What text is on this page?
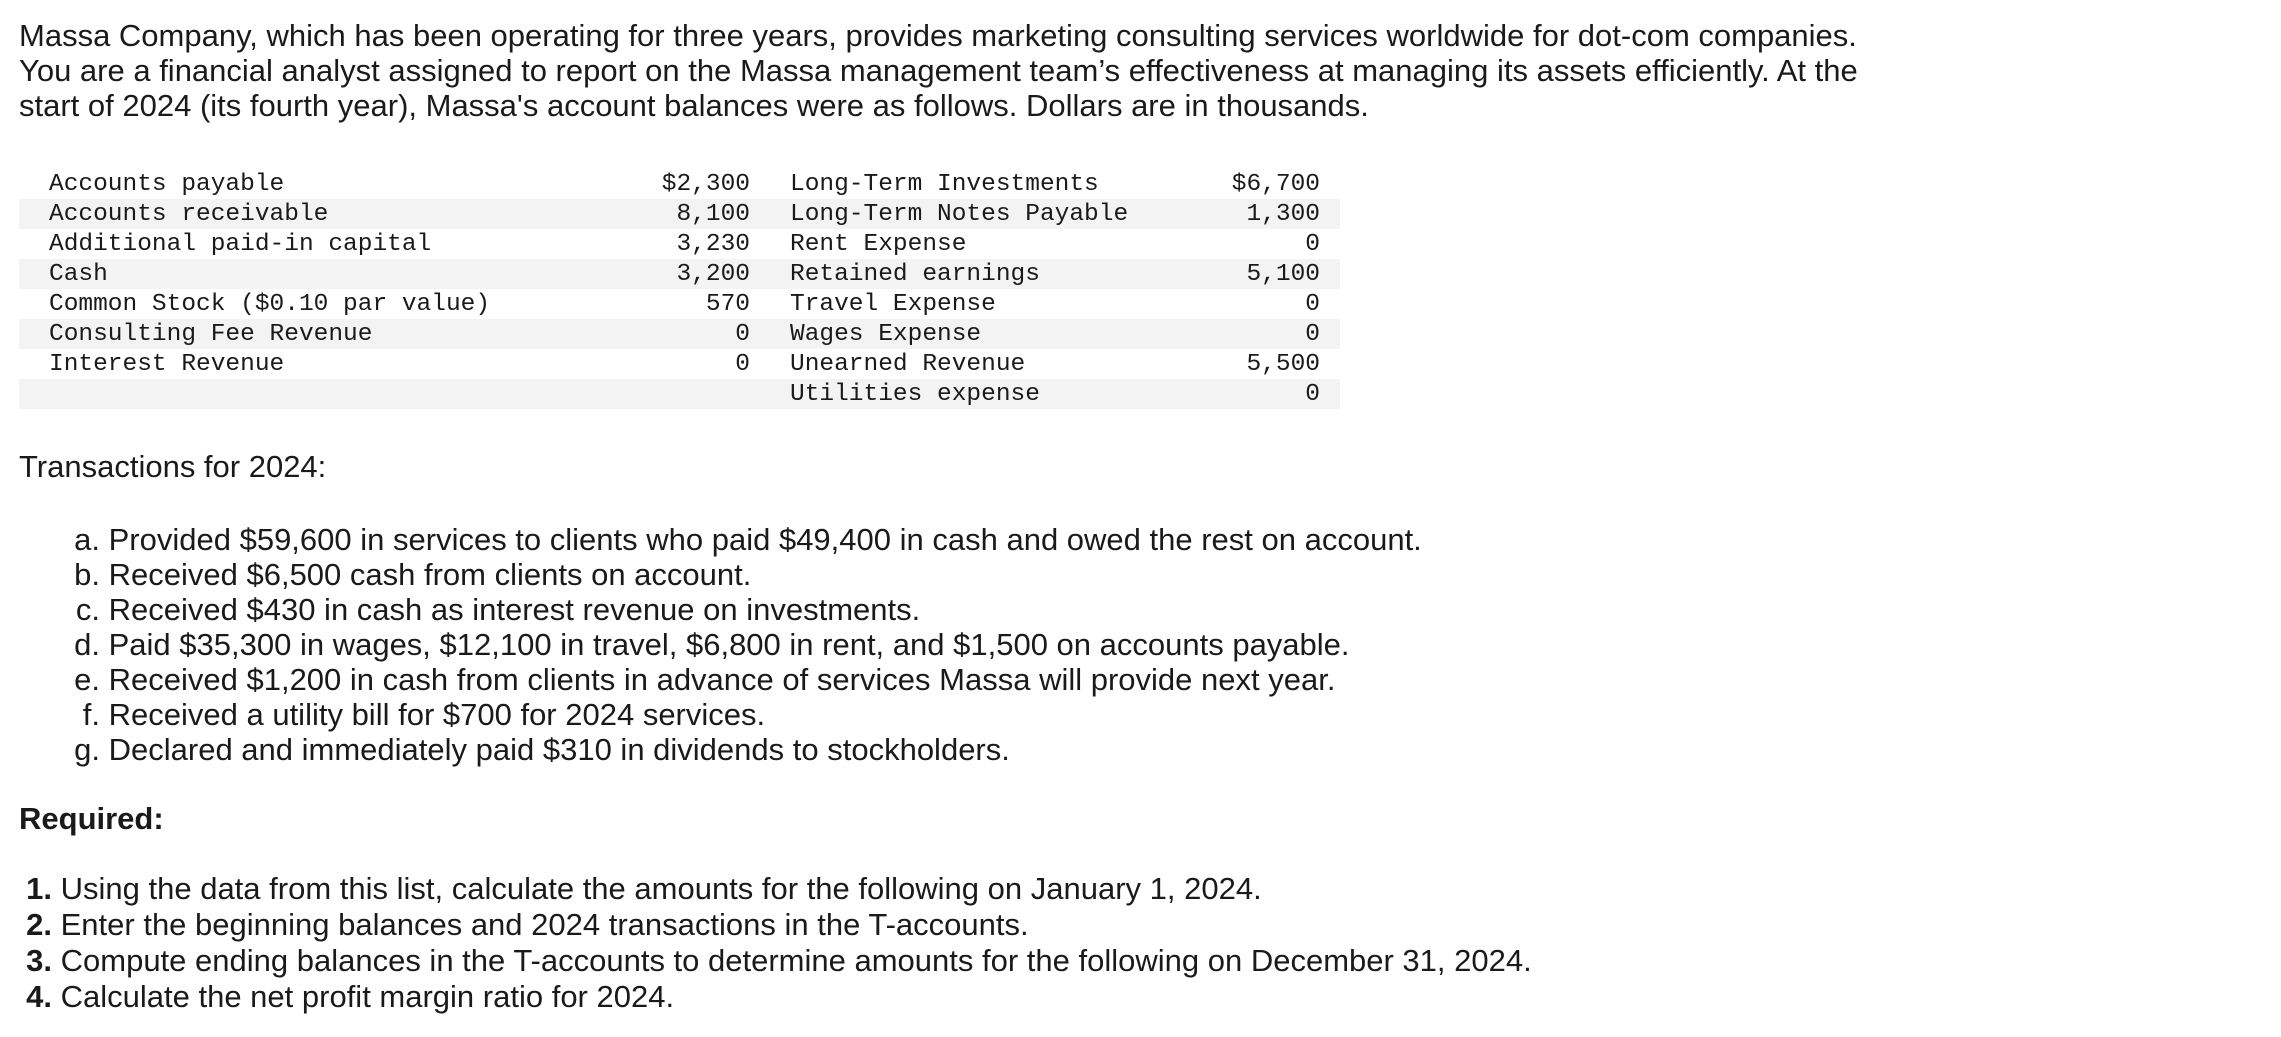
Massa Company, which has been operating for three years, provides marketing consulting services worldwide for dot-com companies.
You are a financial analyst assigned to report on the Massa management team’s effectiveness at managing its assets efficiently. At the
start of 2024 (its fourth year), Massa's account balances were as follows. Dollars are in thousands.

Accounts payable	$2,300		Long-Term Investments	$6,700
Accounts receivable	8,100		Long-Term Notes Payable	1,300
Additional paid-in capital	3,230		Rent Expense	0
Cash	3,200		Retained earnings	5,100
Common Stock ($0.10 par value)	570		Travel Expense	0
Consulting Fee Revenue	0		Wages Expense	0
Interest Revenue	0		Unearned Revenue	5,500
			Utilities expense	0

Transactions for 2024:

a. Provided $59,600 in services to clients who paid $49,400 in cash and owed the rest on account.
b. Received $6,500 cash from clients on account.
c. Received $430 in cash as interest revenue on investments.
d. Paid $35,300 in wages, $12,100 in travel, $6,800 in rent, and $1,500 on accounts payable.
e. Received $1,200 in cash from clients in advance of services Massa will provide next year.
f. Received a utility bill for $700 for 2024 services.
g. Declared and immediately paid $310 in dividends to stockholders.

Required:

1. Using the data from this list, calculate the amounts for the following on January 1, 2024.
2. Enter the beginning balances and 2024 transactions in the T-accounts.
3. Compute ending balances in the T-accounts to determine amounts for the following on December 31, 2024.
4. Calculate the net profit margin ratio for 2024.
